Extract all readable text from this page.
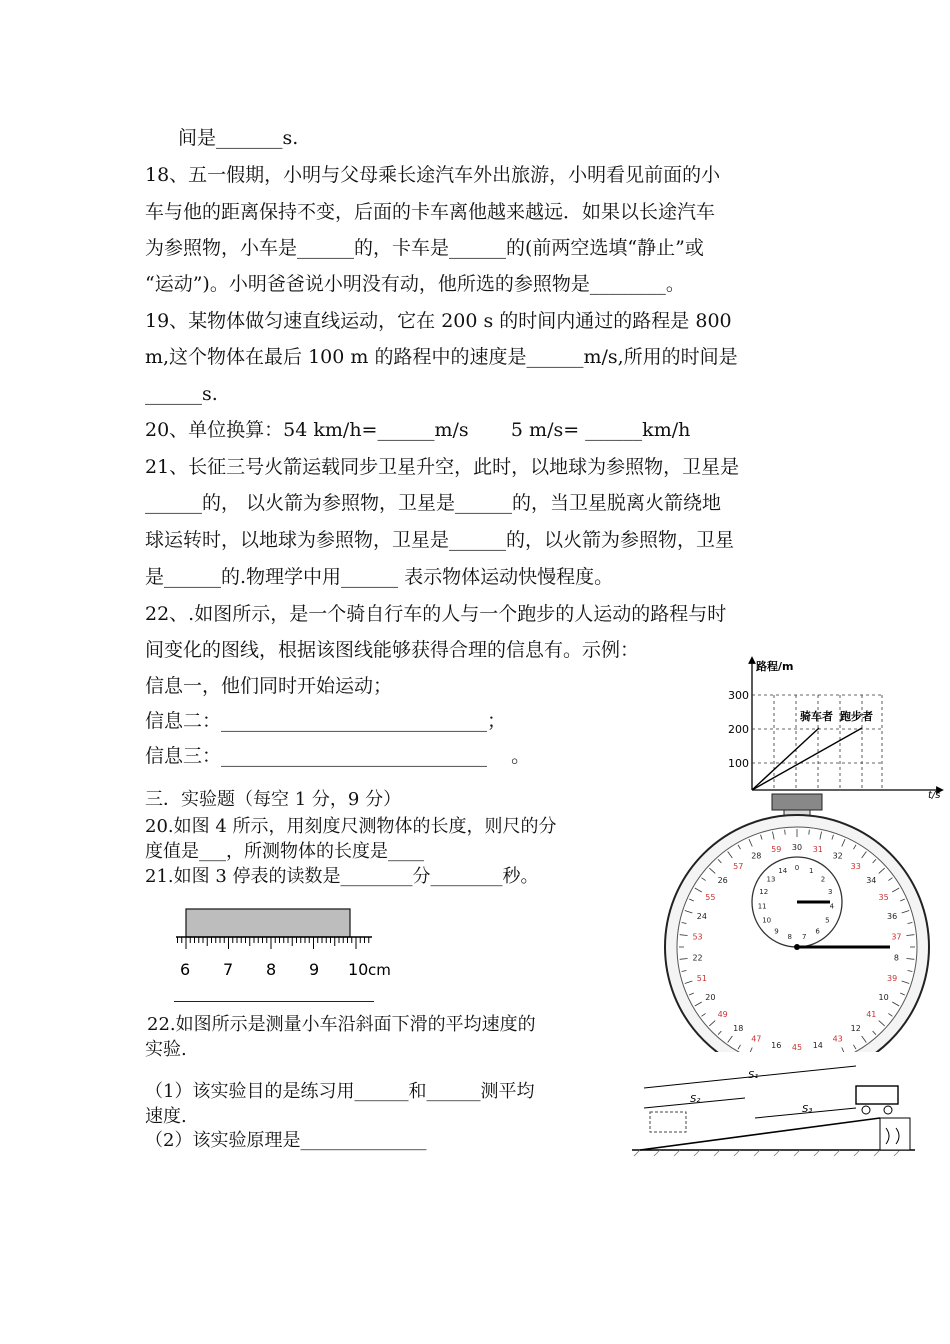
间是_______s.
18、五一假期，小明与父母乘长途汽车外出旅游，小明看见前面的小
车与他的距离保持不变，后面的卡车离他越来越远．如果以长途汽车
为参照物，小车是______的，卡车是______的(前两空选填“静止”或
“运动”)。小明爸爸说小明没有动，他所选的参照物是________。
19、某物体做匀速直线运动，它在 200 s 的时间内通过的路程是 800
m,这个物体在最后 100 m 的路程中的速度是______m/s,所用的时间是
______s.
20、单位换算：54 km/h=______m/s       5 m/s= ______km/h
21、长征三号火箭运载同步卫星升空，此时，以地球为参照物，卫星是
______的， 以火箭为参照物，卫星是______的，当卫星脱离火箭绕地
球运转时，以地球为参照物，卫星是______的，以火箭为参照物，卫星
是______的.物理学中用______ 表示物体运动快慢程度。
22、.如图所示，是一个骑自行车的人与一个跑步的人运动的路程与时
间变化的图线，根据该图线能够获得合理的信息有。示例：
信息一，他们同时开始运动；
信息二：____________________________；
信息三：____________________________    。
三．实验题（每空 1 分，9 分）
20.如图 4 所示，用刻度尺测物体的长度，则尺的分
度值是___，所测物体的长度是____
21.如图 3 停表的读数是________分________秒。
22.如图所示是测量小车沿斜面下滑的平均速度的
实验.
（1）该实验目的是练习用______和______测平均
速度.
（2）该实验原理是______________
路程/m
300
200
100
骑车者 跑步者
t/s
6 7 8 9 10 cm
30 31
32
33
34
35
36
37
8
39
10
41
12
43
14
45
16
47
18
49
20
51
22
53
24
55
26
57
28
59
0 1
2
3
4
5
6
7
8
9
10
11
12
13
14
S₁
S₂
S₃
